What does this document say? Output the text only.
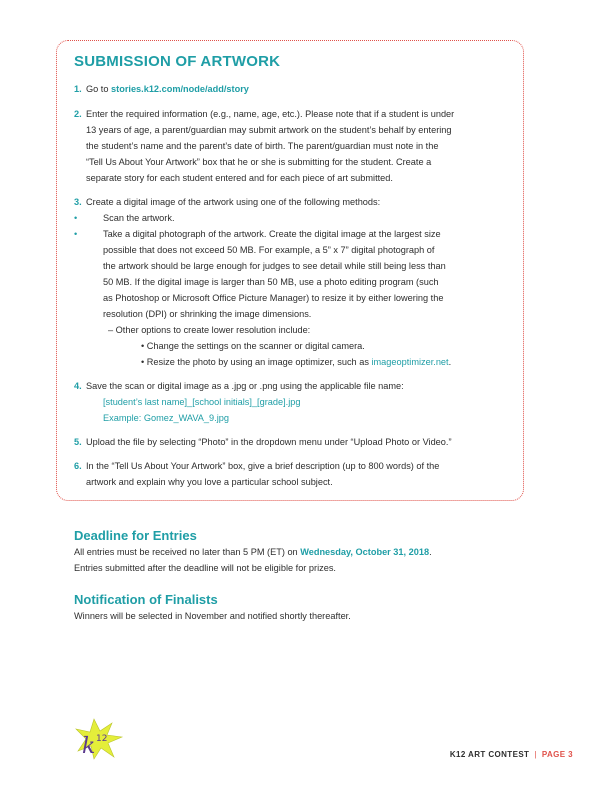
SUBMISSION OF ARTWORK
1. Go to stories.k12.com/node/add/story
2. Enter the required information (e.g., name, age, etc.). Please note that if a student is under
13 years of age, a parent/guardian may submit artwork on the student’s behalf by entering
the student’s name and the parent’s date of birth. The parent/guardian must note in the
“Tell Us About Your Artwork” box that he or she is submitting for the student. Create a
separate story for each student entered and for each piece of art submitted.
3. Create a digital image of the artwork using one of the following methods:
•	Scan the artwork.
•	Take a digital photograph of the artwork. Create the digital image at the largest size
possible that does not exceed 50 MB. For example, a 5” x 7” digital photograph of
the artwork should be large enough for judges to see detail while still being less than
50 MB. If the digital image is larger than 50 MB, use a photo editing program (such
as Photoshop or Microsoft Office Picture Manager) to resize it by either lowering the
resolution (DPI) or shrinking the image dimensions.
– Other options to create lower resolution include:
• Change the settings on the scanner or digital camera.
• Resize the photo by using an image optimizer, such as imageoptimizer.net.
4. Save the scan or digital image as a .jpg or .png using the applicable file name:
[student’s last name]_[school initials]_[grade].jpg
Example: Gomez_WAVA_9.jpg
5. Upload the file by selecting “Photo” in the dropdown menu under “Upload Photo or Video.”
6. In the “Tell Us About Your Artwork” box, give a brief description (up to 800 words) of the
artwork and explain why you love a particular school subject.
Deadline for Entries
All entries must be received no later than 5 PM (ET) on Wednesday, October 31, 2018.
Entries submitted after the deadline will not be eligible for prizes.
Notification of Finalists
Winners will be selected in November and notified shortly thereafter.
k 12
K12 ART CONTEST | PAGE 3
